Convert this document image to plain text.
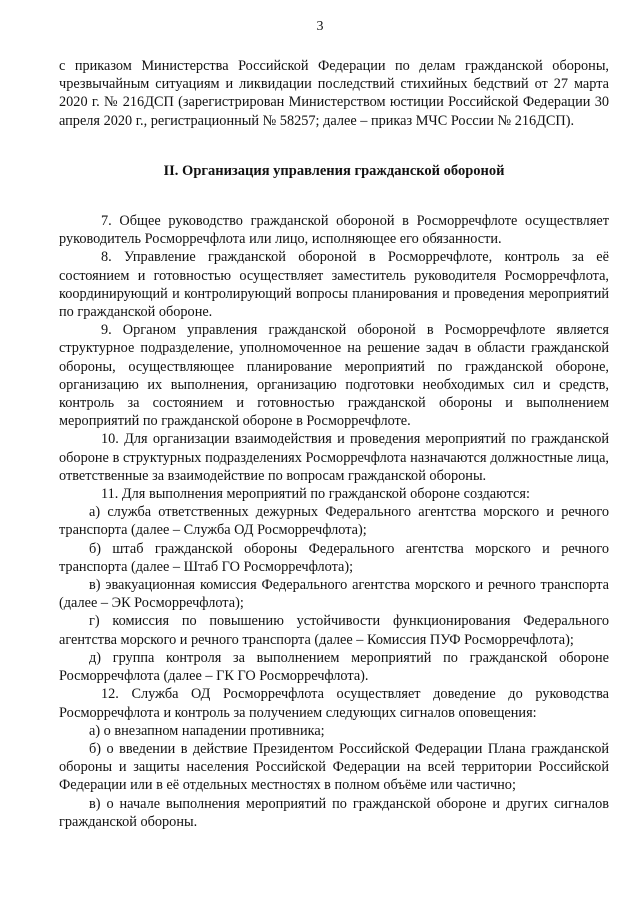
3

с приказом Министерства Российской Федерации по делам гражданской обороны, чрезвычайным ситуациям и ликвидации последствий стихийных бедствий от 27 марта 2020 г. № 216ДСП (зарегистрирован Министерством юстиции Российской Федерации 30 апреля 2020 г., регистрационный № 58257; далее – приказ МЧС России № 216ДСП).

II. Организация управления гражданской обороной

7. Общее руководство гражданской обороной в Росморречфлоте осуществляет руководитель Росморречфлота или лицо, исполняющее его обязанности.

8. Управление гражданской обороной в Росморречфлоте, контроль за её состоянием и готовностью осуществляет заместитель руководителя Росморречфлота, координирующий и контролирующий вопросы планирования и проведения мероприятий по гражданской обороне.

9. Органом управления гражданской обороной в Росморречфлоте является структурное подразделение, уполномоченное на решение задач в области гражданской обороны, осуществляющее планирование мероприятий по гражданской обороне, организацию их выполнения, организацию подготовки необходимых сил и средств, контроль за состоянием и готовностью гражданской обороны и выполнением мероприятий по гражданской обороне в Росморречфлоте.

10. Для организации взаимодействия и проведения мероприятий по гражданской обороне в структурных подразделениях Росморречфлота назначаются должностные лица, ответственные за взаимодействие по вопросам гражданской обороны.

11. Для выполнения мероприятий по гражданской обороне создаются:

а) служба ответственных дежурных Федерального агентства морского и речного транспорта (далее – Служба ОД Росморречфлота);

б) штаб гражданской обороны Федерального агентства морского и речного транспорта (далее – Штаб ГО Росморречфлота);

в) эвакуационная комиссия Федерального агентства морского и речного транспорта (далее – ЭК Росморречфлота);

г) комиссия по повышению устойчивости функционирования Федерального агентства морского и речного транспорта (далее – Комиссия ПУФ Росморречфлота);

д) группа контроля за выполнением мероприятий по гражданской обороне Росморречфлота (далее – ГК ГО Росморречфлота).

12. Служба ОД Росморречфлота осуществляет доведение до руководства Росморречфлота и контроль за получением следующих сигналов оповещения:

а) о внезапном нападении противника;

б) о введении в действие Президентом Российской Федерации Плана гражданской обороны и защиты населения Российской Федерации на всей территории Российской Федерации или в её отдельных местностях в полном объёме или частично;

в) о начале выполнения мероприятий по гражданской обороне и других сигналов гражданской обороны.
